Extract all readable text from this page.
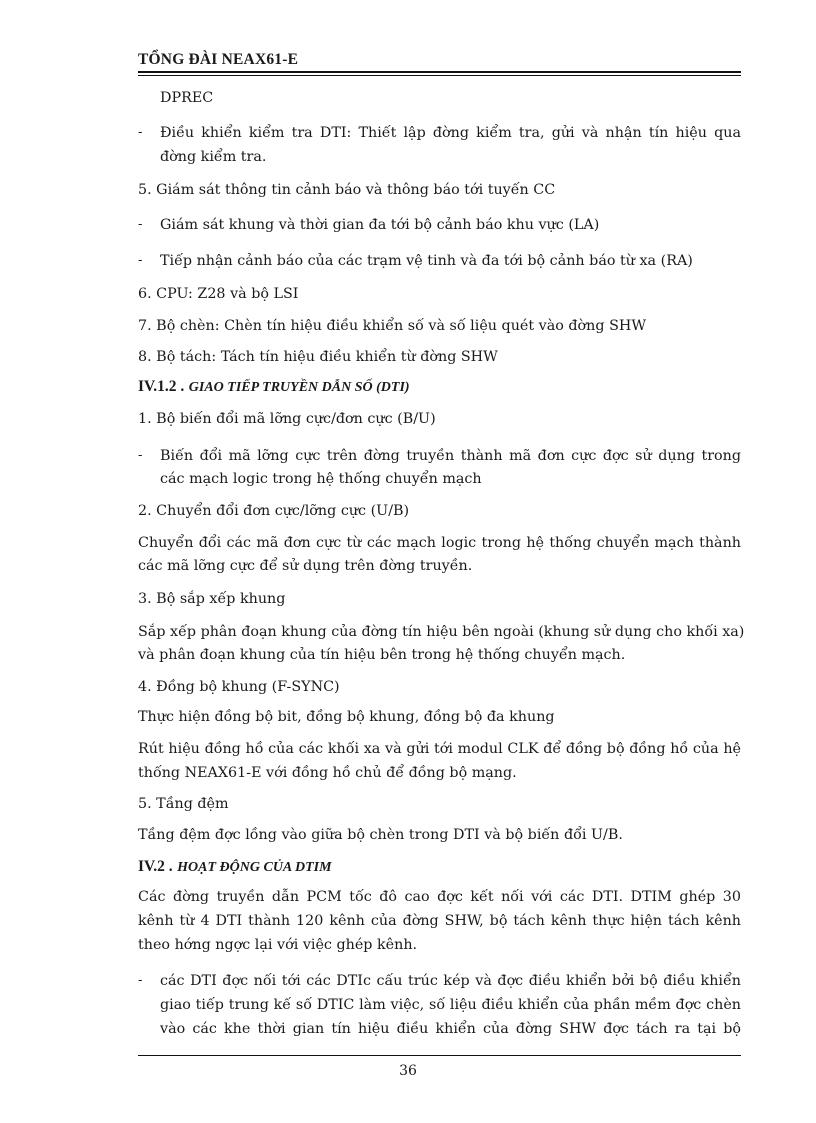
TỔNG ĐÀI NEAX61-E
DPREC
- Điều khiển kiểm tra DTI: Thiết lập đờng kiểm tra, gửi và nhận tín hiệu qua
đờng kiểm tra.
5. Giám sát thông tin cảnh báo và thông báo tới tuyến CC
- Giám sát khung và thời gian đa tới bộ cảnh báo khu vực (LA)
- Tiếp nhận cảnh báo của các trạm vệ tinh và đa tới bộ cảnh báo từ xa (RA)
6. CPU: Z28 và bộ LSI
7. Bộ chèn: Chèn tín hiệu điều khiển số và số liệu quét vào đờng SHW
8. Bộ tách: Tách tín hiệu điều khiển từ đờng SHW
IV.1.2 . GIAO TIẾP TRUYỀN DẪN SỐ (DTI)
1. Bộ biến đổi mã lỡng cực/đơn cực (B/U)
- Biến đổi mã lỡng cực trên đờng truyền thành mã đơn cực đợc sử dụng trong
các mạch logic trong hệ thống chuyển mạch
2. Chuyển đổi đơn cực/lỡng cực (U/B)
Chuyển đổi các mã đơn cực từ các mạch logic trong hệ thống chuyển mạch thành
các mã lỡng cực để sử dụng trên đờng truyền.
3. Bộ sắp xếp khung
Sắp xếp phân đoạn khung của đờng tín hiệu bên ngoài (khung sử dụng cho khối xa)
và phân đoạn khung của tín hiệu bên trong hệ thống chuyển mạch.
4. Đồng bộ khung (F-SYNC)
Thực hiện đồng bộ bit, đồng bộ khung, đồng bộ đa khung
Rút hiệu đồng hồ của các khối xa và gửi tới modul CLK để đồng bộ đồng hồ của hệ
thống NEAX61-E với đồng hồ chủ để đồng bộ mạng.
5. Tầng đệm
Tầng đệm đợc lồng vào giữa bộ chèn trong DTI và bộ biến đổi U/B.
IV.2 . HOẠT ĐỘNG CỦA DTIM
Các đờng truyền dẫn PCM tốc đô cao đợc kết nối với các DTI. DTIM ghép 30
kênh từ 4 DTI thành 120 kênh của đờng SHW, bộ tách kênh thực hiện tách kênh
theo hớng ngợc lại với việc ghép kênh.
- các DTI đợc nối tới các DTIc cấu trúc kép và đợc điều khiển bởi bộ điều khiển
giao tiếp trung kế số DTIC làm việc, số liệu điều khiển của phần mềm đợc chèn
vào các khe thời gian tín hiệu điều khiển của đờng SHW đợc tách ra tại bộ
36
